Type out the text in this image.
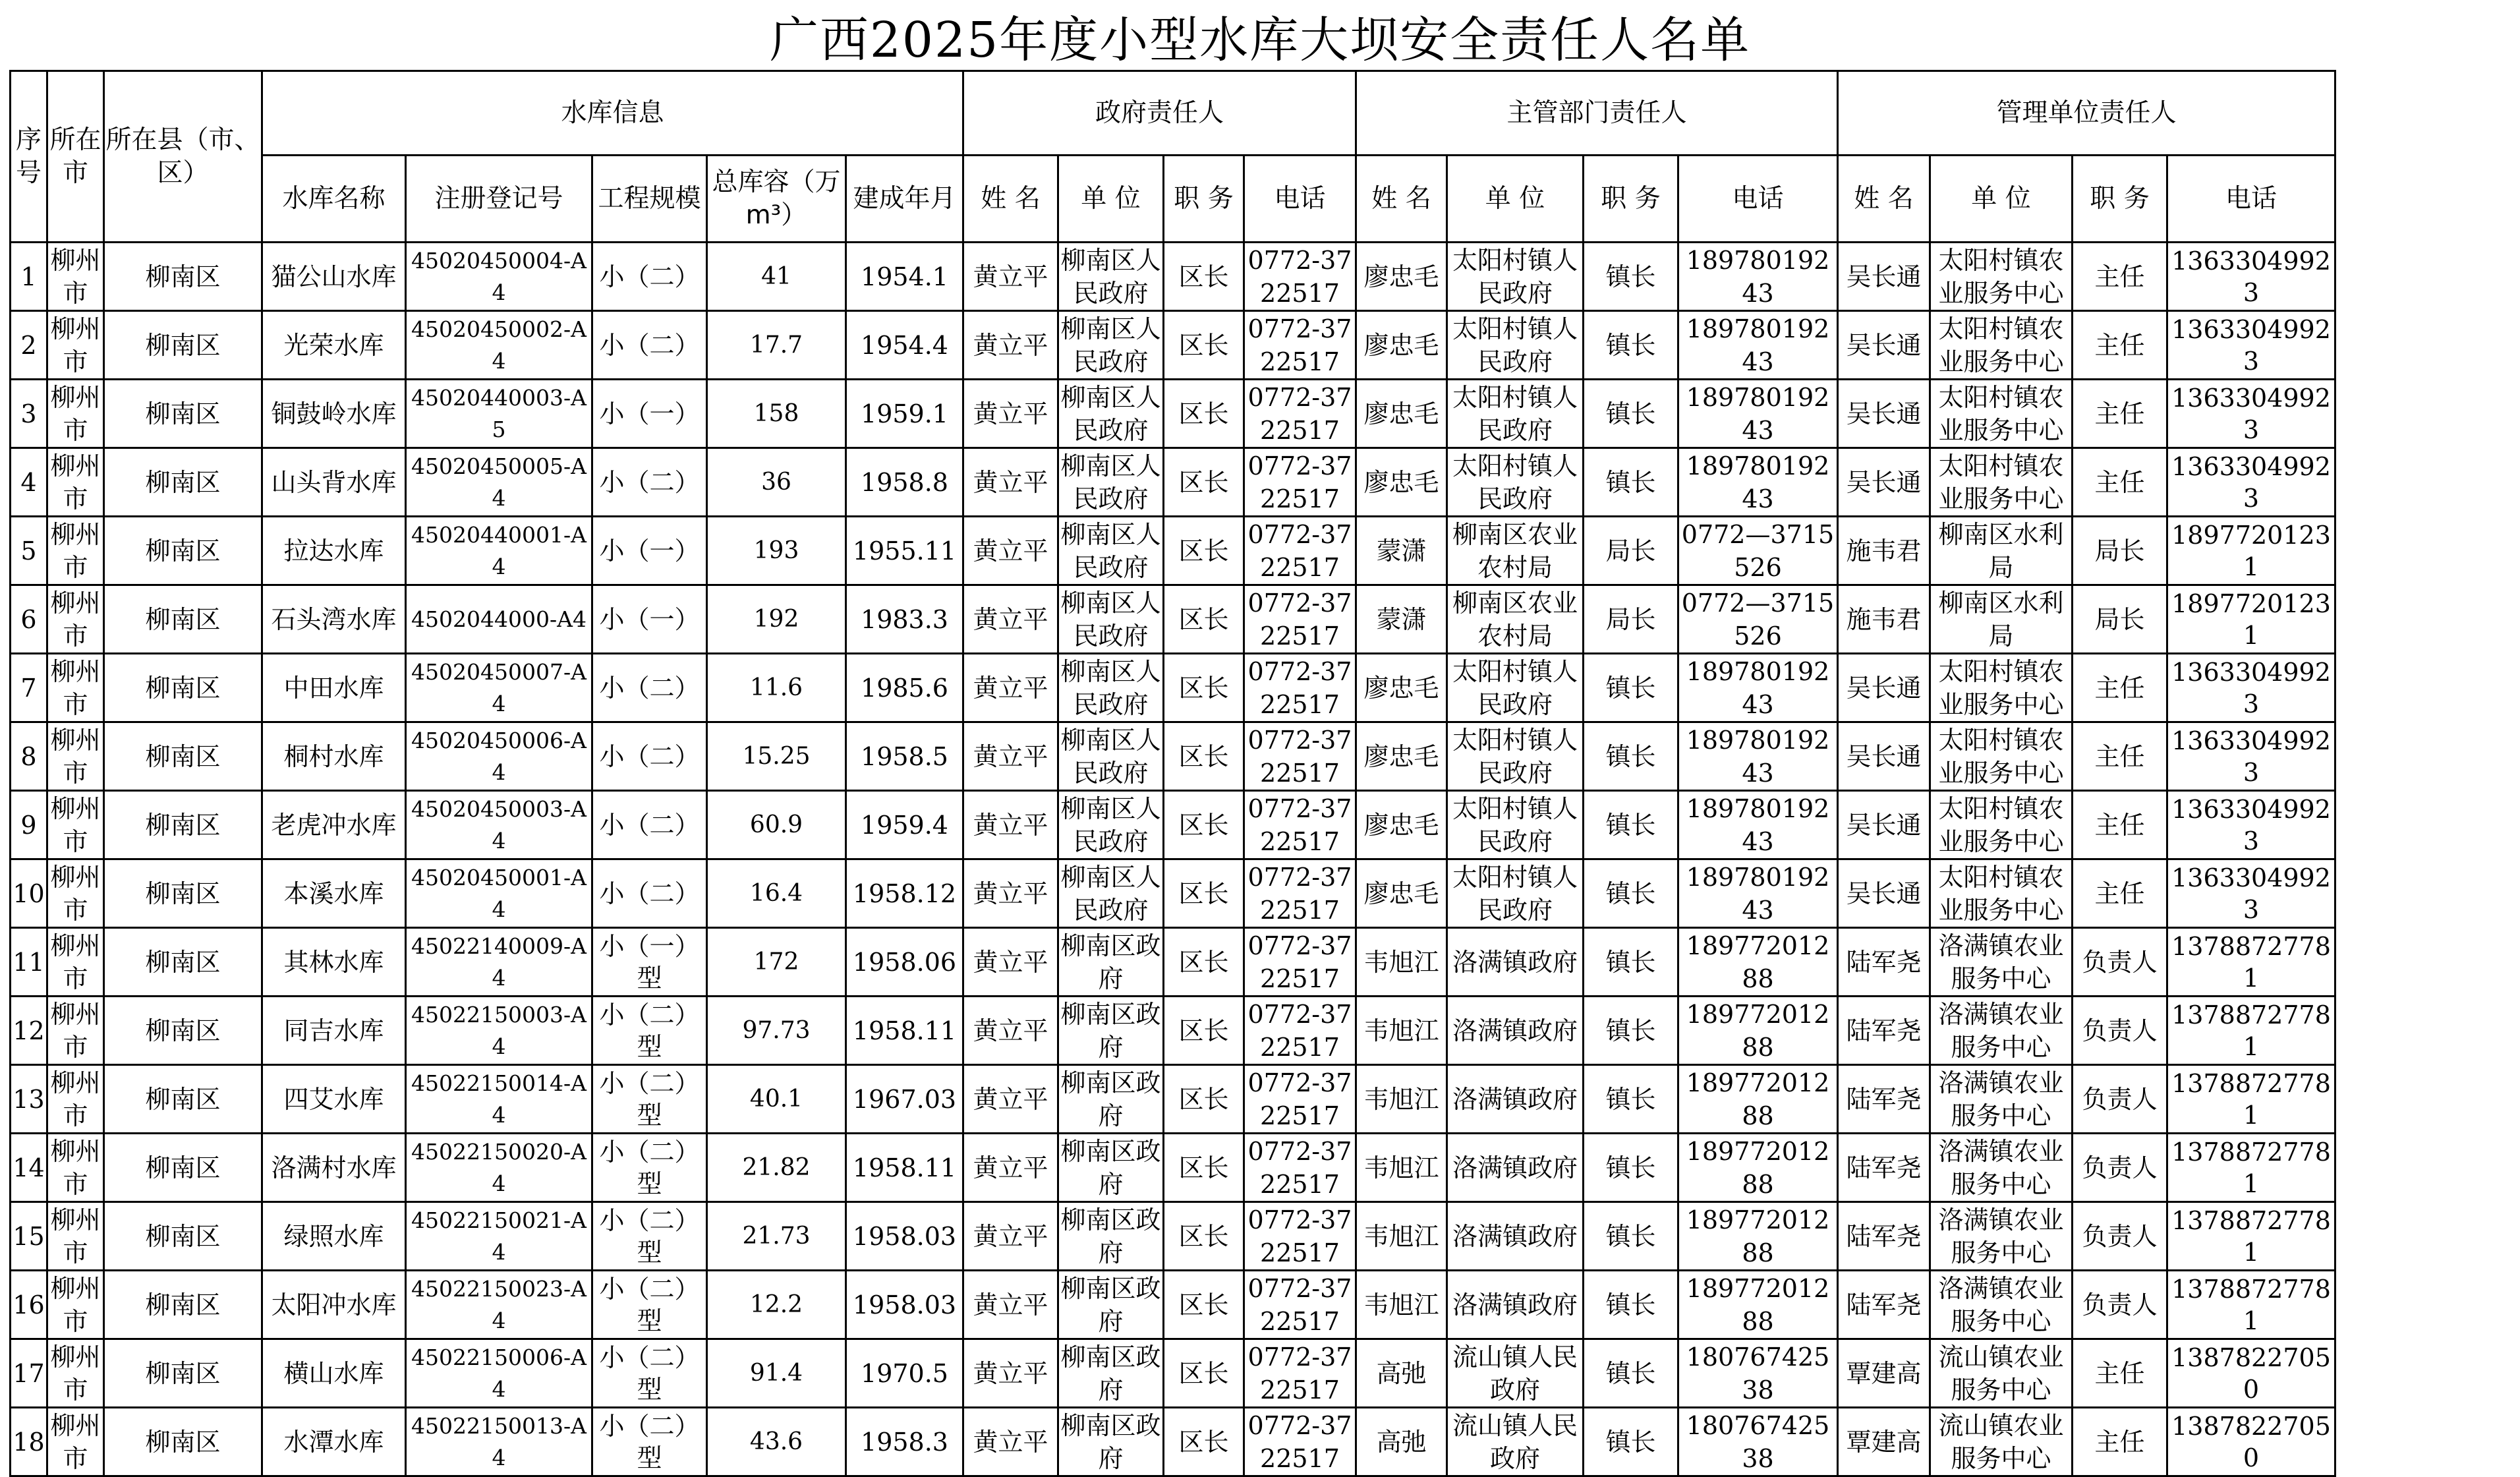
广西2025年度小型水库大坝安全责任人名单
序号	所在市	所在县（市、区）	水库信息					政府责任人				主管部门责任人				管理单位责任人			
			水库名称	注册登记号	工程规模	总库容（万m³）	建成年月	姓 名	单 位	职 务	电话	姓 名	单 位	职 务	电话	姓 名	单 位	职 务	电话
1	柳州市	柳南区	猫公山水库	45020450004-A4	小（二）	41	1954.1	黄立平	柳南区人民政府	区长	0772-3722517	廖忠毛	太阳村镇人民政府	镇长	18978019243	吴长通	太阳村镇农业服务中心	主任	13633049923
2	柳州市	柳南区	光荣水库	45020450002-A4	小（二）	17.7	1954.4	黄立平	柳南区人民政府	区长	0772-3722517	廖忠毛	太阳村镇人民政府	镇长	18978019243	吴长通	太阳村镇农业服务中心	主任	13633049923
3	柳州市	柳南区	铜鼓岭水库	45020440003-A5	小（一）	158	1959.1	黄立平	柳南区人民政府	区长	0772-3722517	廖忠毛	太阳村镇人民政府	镇长	18978019243	吴长通	太阳村镇农业服务中心	主任	13633049923
4	柳州市	柳南区	山头背水库	45020450005-A4	小（二）	36	1958.8	黄立平	柳南区人民政府	区长	0772-3722517	廖忠毛	太阳村镇人民政府	镇长	18978019243	吴长通	太阳村镇农业服务中心	主任	13633049923
5	柳州市	柳南区	拉达水库	45020440001-A4	小（一）	193	1955.11	黄立平	柳南区人民政府	区长	0772-3722517	蒙潇	柳南区农业农村局	局长	0772—3715526	施韦君	柳南区水利局	局长	18977201231
6	柳州市	柳南区	石头湾水库	4502044000-A4	小（一）	192	1983.3	黄立平	柳南区人民政府	区长	0772-3722517	蒙潇	柳南区农业农村局	局长	0772—3715526	施韦君	柳南区水利局	局长	18977201231
7	柳州市	柳南区	中田水库	45020450007-A4	小（二）	11.6	1985.6	黄立平	柳南区人民政府	区长	0772-3722517	廖忠毛	太阳村镇人民政府	镇长	18978019243	吴长通	太阳村镇农业服务中心	主任	13633049923
8	柳州市	柳南区	桐村水库	45020450006-A4	小（二）	15.25	1958.5	黄立平	柳南区人民政府	区长	0772-3722517	廖忠毛	太阳村镇人民政府	镇长	18978019243	吴长通	太阳村镇农业服务中心	主任	13633049923
9	柳州市	柳南区	老虎冲水库	45020450003-A4	小（二）	60.9	1959.4	黄立平	柳南区人民政府	区长	0772-3722517	廖忠毛	太阳村镇人民政府	镇长	18978019243	吴长通	太阳村镇农业服务中心	主任	13633049923
10	柳州市	柳南区	本溪水库	45020450001-A4	小（二）	16.4	1958.12	黄立平	柳南区人民政府	区长	0772-3722517	廖忠毛	太阳村镇人民政府	镇长	18978019243	吴长通	太阳村镇农业服务中心	主任	13633049923
11	柳州市	柳南区	其林水库	45022140009-A4	小（一）型	172	1958.06	黄立平	柳南区政府	区长	0772-3722517	韦旭江	洛满镇政府	镇长	18977201288	陆军尧	洛满镇农业服务中心	负责人	13788727781
12	柳州市	柳南区	同吉水库	45022150003-A4	小（二）型	97.73	1958.11	黄立平	柳南区政府	区长	0772-3722517	韦旭江	洛满镇政府	镇长	18977201288	陆军尧	洛满镇农业服务中心	负责人	13788727781
13	柳州市	柳南区	四艾水库	45022150014-A4	小（二）型	40.1	1967.03	黄立平	柳南区政府	区长	0772-3722517	韦旭江	洛满镇政府	镇长	18977201288	陆军尧	洛满镇农业服务中心	负责人	13788727781
14	柳州市	柳南区	洛满村水库	45022150020-A4	小（二）型	21.82	1958.11	黄立平	柳南区政府	区长	0772-3722517	韦旭江	洛满镇政府	镇长	18977201288	陆军尧	洛满镇农业服务中心	负责人	13788727781
15	柳州市	柳南区	绿照水库	45022150021-A4	小（二）型	21.73	1958.03	黄立平	柳南区政府	区长	0772-3722517	韦旭江	洛满镇政府	镇长	18977201288	陆军尧	洛满镇农业服务中心	负责人	13788727781
16	柳州市	柳南区	太阳冲水库	45022150023-A4	小（二）型	12.2	1958.03	黄立平	柳南区政府	区长	0772-3722517	韦旭江	洛满镇政府	镇长	18977201288	陆军尧	洛满镇农业服务中心	负责人	13788727781
17	柳州市	柳南区	横山水库	45022150006-A4	小（二）型	91.4	1970.5	黄立平	柳南区政府	区长	0772-3722517	高弛	流山镇人民政府	镇长	18076742538	覃建高	流山镇农业服务中心	主任	13878227050
18	柳州市	柳南区	水潭水库	45022150013-A4	小（二）型	43.6	1958.3	黄立平	柳南区政府	区长	0772-3722517	高弛	流山镇人民政府	镇长	18076742538	覃建高	流山镇农业服务中心	主任	13878227050
